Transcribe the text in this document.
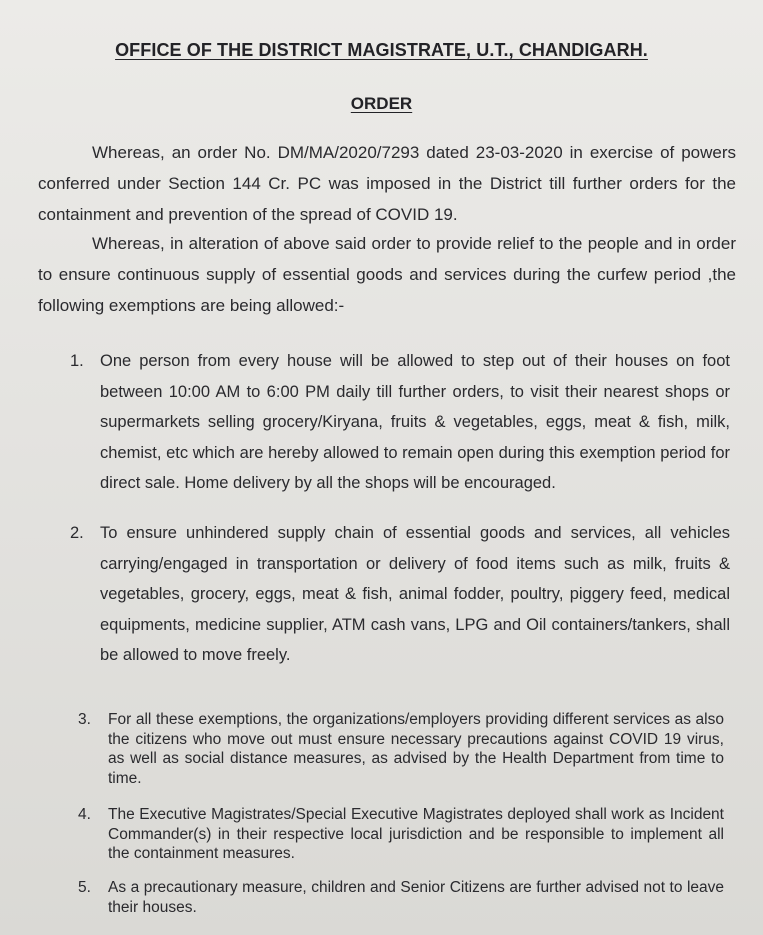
OFFICE OF THE DISTRICT MAGISTRATE, U.T., CHANDIGARH.
ORDER

Whereas, an order No. DM/MA/2020/7293 dated 23-03-2020 in exercise of powers conferred under Section 144 Cr. PC was imposed in the District till further orders for the containment and prevention of the spread of COVID 19.

Whereas, in alteration of above said order to provide relief to the people and in order to ensure continuous supply of essential goods and services during the curfew period ,the following exemptions are being allowed:-

1. One person from every house will be allowed to step out of their houses on foot between 10:00 AM to 6:00 PM daily till further orders, to visit their nearest shops or supermarkets selling grocery/Kiryana, fruits & vegetables, eggs, meat & fish, milk, chemist, etc which are hereby allowed to remain open during this exemption period for direct sale. Home delivery by all the shops will be encouraged.
2. To ensure unhindered supply chain of essential goods and services, all vehicles carrying/engaged in transportation or delivery of food items such as milk, fruits & vegetables, grocery, eggs, meat & fish, animal fodder, poultry, piggery feed, medical equipments, medicine supplier, ATM cash vans, LPG and Oil containers/tankers, shall be allowed to move freely.
3.	For all these exemptions, the organizations/employers providing different services as also the citizens who move out must ensure necessary precautions against COVID 19 virus, as well as social distance measures, as advised by the Health Department from time to time.
4.	The Executive Magistrates/Special Executive Magistrates deployed shall work as Incident Commander(s) in their respective local jurisdiction and be responsible to implement all the containment measures.
5.	As a precautionary measure, children and Senior Citizens are further advised not to leave their houses.
